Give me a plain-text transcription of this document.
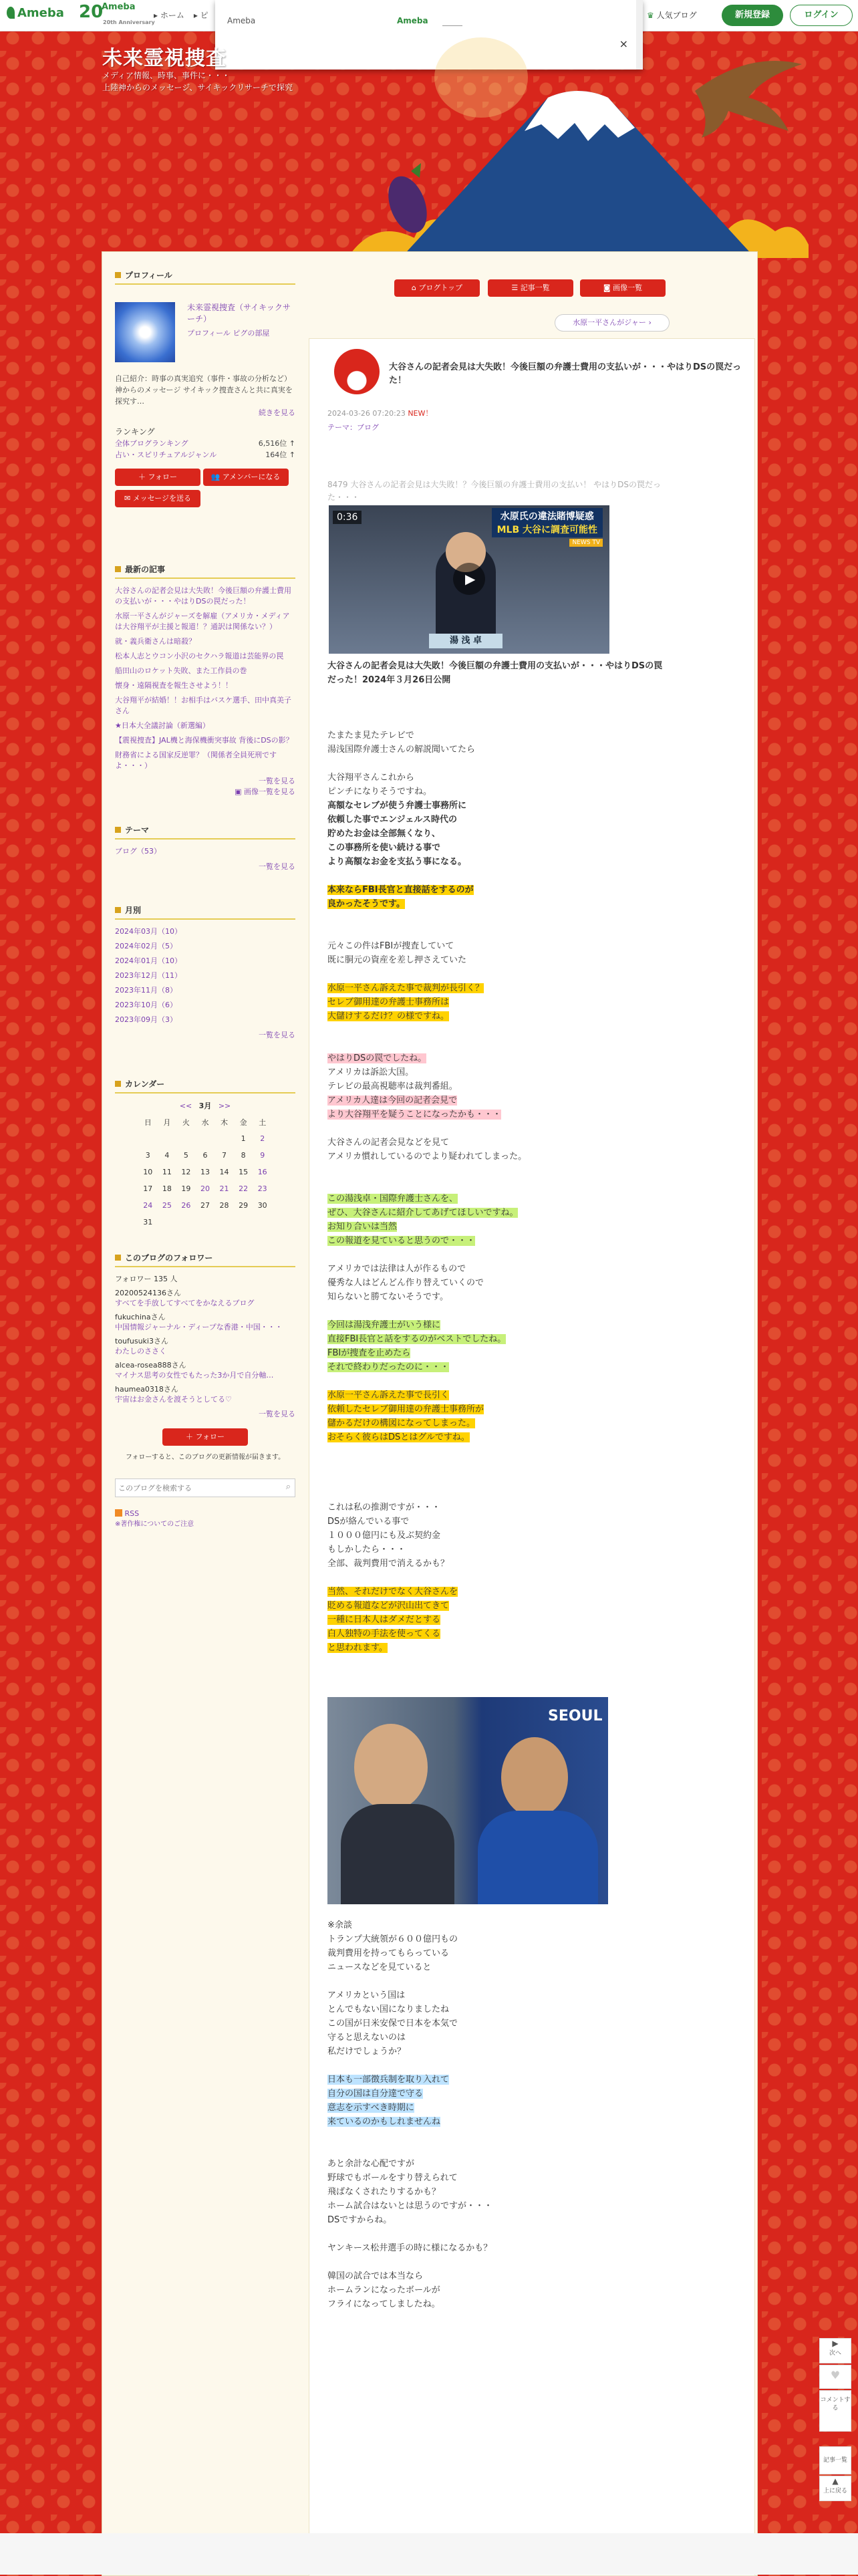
Ameba 20
Ameba
20th Anniversary
▸ ホーム ▸ ピ	♛ 人気ブログ	新規登録	ログイン
Ameba	Ameba
×
未来霊視捜査
メディア情報、時事、事件に・・・
上陸神からのメッセージ、サイキックリサーチで探究
プロフィール
未来霊視捜査（サイキックサーチ）
プロフィール ピグの部屋
自己紹介：時事の真実追究（事件・事故の分析など）神からのメッセージ サイキック捜査さんと共に真実を探究す…
続きを見る
ランキング
全体ブログランキング	6,516位 ↑
占い・スピリチュアルジャンル	164位 ↑
＋ フォロー	👥 アメンバーになる
✉ メッセージを送る
最新の記事
大谷さんの記者会見は大失敗！今後巨額の弁護士費用の支払いが・・・やはりDSの罠だった！
水原一平さんがジャーズを解雇（アメリカ・メディアは大谷翔平が主援と報道！？通訳は関係ない？）
就・義兵衛さんは暗殺？
松本人志とウコン小沢のセクハラ報道は芸能界の罠
船田山のロケット失敗、また工作員の巻
懐身・遠隔視査を報生させよう！！
大谷翔平が結婚！！お相手はバスケ選手、田中真美子さん
★日本大全議討論（新選編）
【震視捜査】JAL機と海保機衝突事故 背後にDSの影？
財務省による国家反逆罪？（関係者全員死刑ですよ・・・）
一覧を見る
▣ 画像一覧を見る
テーマ
ブログ（53）
一覧を見る
月別
2024年03月（10）
2024年02月（5）
2024年01月（10）
2023年12月（11）
2023年11月（8）
2023年10月（6）
2023年09月（3）
一覧を見る
カレンダー
<< 3月 >>
日	月	火	水	木	金	土
					1	2
3	4	5	6	7	8	9
10	11	12	13	14	15	16
17	18	19	20	21	22	23
24	25	26	27	28	29	30
31						
このブログのフォロワー
フォロワー 135 人
20200524136さん
すべてを手放してすべてをかなえるブログ
fukuchinaさん
中国情報ジャーナル・ディープな香港・中国・・・
toufusuki3さん
わたしのささく
alcea-rosea888さん
マイナス思考の女性でもたった3か月で自分軸…
haumea0318さん
宇宙はお金さんを渡そうとしてる♡
一覧を見る
＋ フォロー
フォローすると、このブログの更新情報が届きます。
このブログを検索する
⌕
RSS
※著作権についてのご注意
⌂ ブログトップ	☰ 記事一覧	◙ 画像一覧
水原一平さんがジャー ›
大谷さんの記者会見は大失敗！今後巨額の弁護士費用の支払いが・・・やはりDSの罠だった！
2024-03-26 07:20:23 NEW！
テーマ：ブログ
8479 大谷さんの記者会見は大失敗！？今後巨額の弁護士費用の支払い！ やはりDSの罠だった・・・
0:36	水原氏の違法賭博疑惑
MLB 大谷に調査可能性
NEWS TV
湯 浅 卓
▶
大谷さんの記者会見は大失敗！今後巨額の弁護士費用の支払いが・・・やはりDSの罠だった！2024年３月26日公開
たまたま見たテレビで
湯浅国際弁護士さんの解説聞いてたら
大谷翔平さんこれから
ピンチになりそうですね。
高額なセレブが使う弁護士事務所に
依頼した事でエンジェルス時代の
貯めたお金は全部無くなり、
この事務所を使い続ける事で
より高額なお金を支払う事になる。
本来ならFBI長官と直接話をするのが
良かったそうです。
元々この件はFBIが捜査していて
既に胴元の資産を差し押さえていた
水原一平さん訴えた事で裁判が長引く？
セレブ御用達の弁護士事務所は
大儲けするだけ？の様ですね。
やはりDSの罠でしたね。
アメリカは訴訟大国。
テレビの最高視聴率は裁判番組。
アメリカ人達は今回の記者会見で
より大谷翔平を疑うことになったかも・・・
大谷さんの記者会見などを見て
アメリカ慣れしているのでより疑われてしまった。
この湯浅卓・国際弁護士さんを、
ぜひ、大谷さんに紹介してあげてほしいですね。
お知り合いは当然
この報道を見ていると思うので・・・
アメリカでは法律は人が作るもので
優秀な人はどんどん作り替えていくので
知らないと勝てないそうです。
今回は湯浅弁護士がいう様に
直接FBI長官と話をするのがベストでしたね。
FBIが捜査を止めたら
それで終わりだったのに・・・
水原一平さん訴えた事で長引く
依頼したセレブ御用達の弁護士事務所が
儲かるだけの構図になってしまった。
おそらく彼らはDSとはグルですね。
これは私の推測ですが・・・
DSが絡んでいる事で
１０００億円にも及ぶ契約金
もしかしたら・・・
全部、裁判費用で消えるかも？
当然、それだけでなく大谷さんを
貶める報道などが沢山出てきて
一種に日本人はダメだとする
白人独特の手法を使ってくる
と思われます。
SEOUL
※余談
トランプ大統領が６００億円もの
裁判費用を持ってもらっている
ニュースなどを見ていると
アメリカという国は
とんでもない国になりましたね
この国が日米安保で日本を本気で
守ると思えないのは
私だけでしょうか？
日本も一部徴兵制を取り入れて
自分の国は自分達で守る
意志を示すべき時期に
来ているのかもしれませんね
あと余計な心配ですが
野球でもボールをすり替えられて
飛ばなくされたりするかも？
ホーム試合はないとは思うのですが・・・
DSですからね。
ヤンキース松井選手の時に様になるかも？
韓国の試合では本当なら
ホームランになったボールが
フライになってしましたね。
▶
次へ
♥
コメントする
記事一覧
▲
上に戻る
